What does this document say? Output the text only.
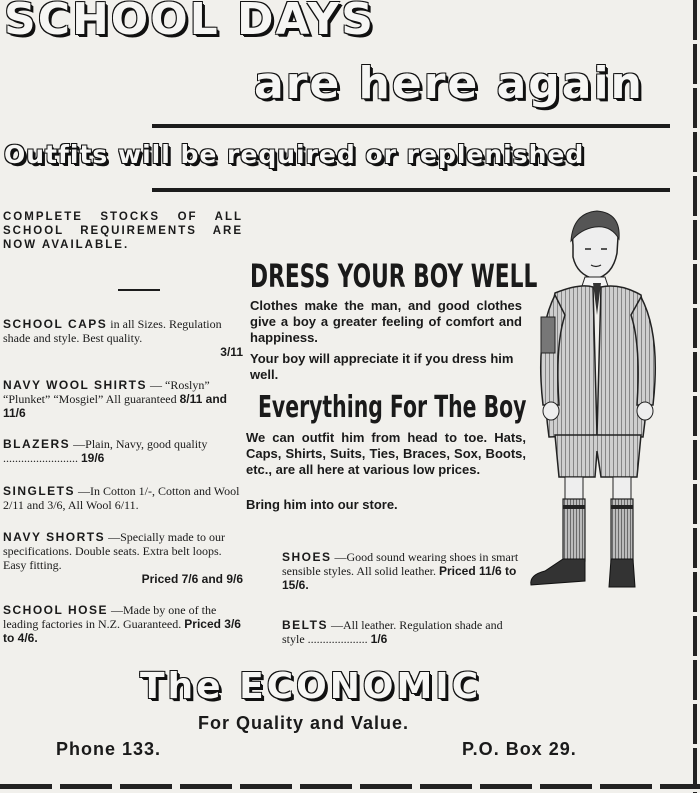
SCHOOL DAYS
are here again
Outfits will be required or replenished
COMPLETE STOCKS OF ALL SCHOOL REQUIREMENTS ARE NOW AVAILABLE.
SCHOOL CAPS in all Sizes. Regulation shade and style. Best quality.
3/11
NAVY WOOL SHIRTS — “Roslyn” “Plunket” “Mosgiel” All guaranteed 8/11 and 11/6
BLAZERS —Plain, Navy, good quality ......................... 19/6
SINGLETS —In Cotton 1/-, Cotton and Wool 2/11 and 3/6, All Wool 6/11.
NAVY SHORTS —Specially made to our specifications. Double seats. Extra belt loops. Easy fitting.
Priced 7/6 and 9/6
SCHOOL HOSE —Made by one of the leading factories in N.Z. Guaranteed. Priced 3/6 to 4/6.
DRESS YOUR BOY WELL
Clothes make the man, and good clothes give a boy a greater feeling of comfort and happiness.
Your boy will appreciate it if you dress him well.
Everything For The Boy
We can outfit him from head to toe. Hats, Caps, Shirts, Suits, Ties, Braces, Sox, Boots, etc., are all here at various low prices.
Bring him into our store.
SHOES —Good sound wearing shoes in smart sensible styles. All solid leather. Priced 11/6 to 15/6.
BELTS —All leather. Regulation shade and style .................... 1/6
The ECONOMIC
For Quality and Value.
Phone 133.	P.O. Box 29.
